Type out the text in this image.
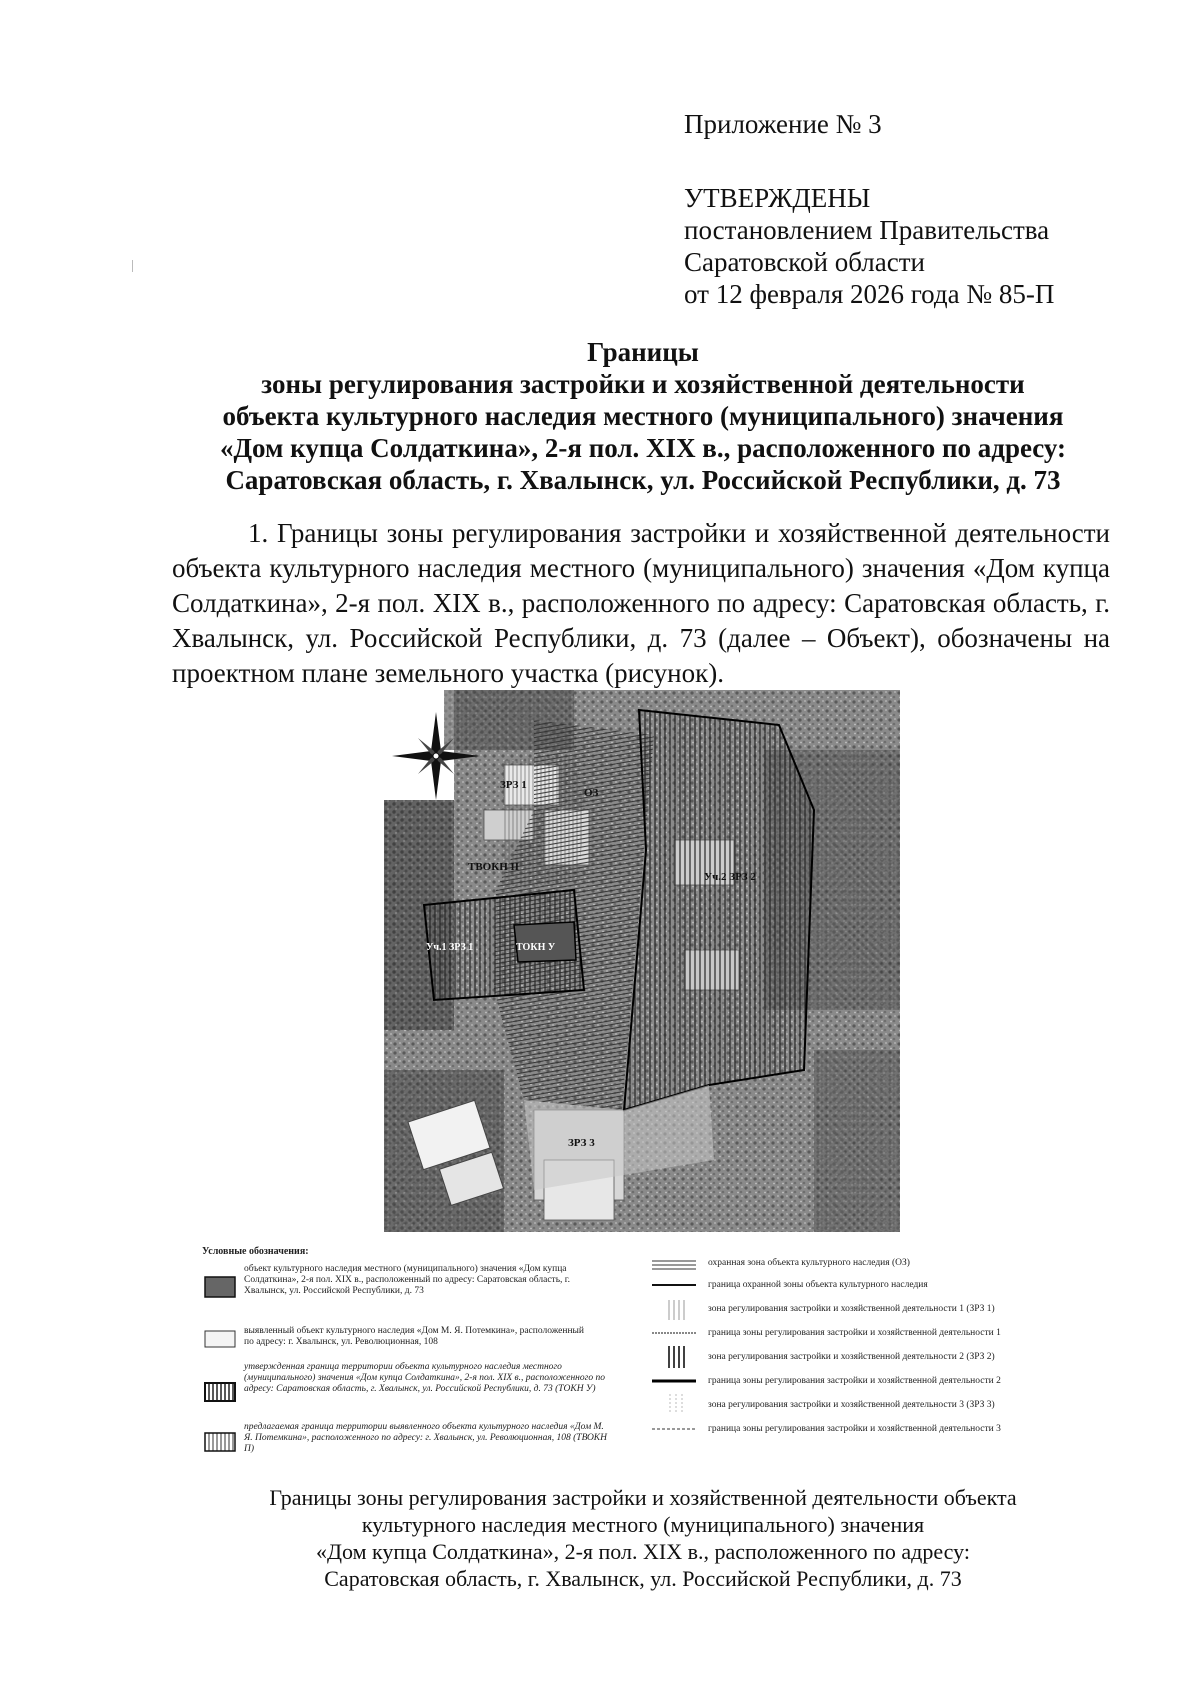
Приложение № 3
УТВЕРЖДЕНЫ
постановлением Правительства
Саратовской области
от 12 февраля 2026 года № 85-П
Границы
зоны регулирования застройки и хозяйственной деятельности
объекта культурного наследия местного (муниципального) значения
«Дом купца Солдаткина», 2-я пол. XIX в., расположенного по адресу:
Саратовская область, г. Хвалынск, ул. Российской Республики, д. 73
1. Границы зоны регулирования застройки и хозяйственной деятельности объекта культурного наследия местного (муниципального) значения «Дом купца Солдаткина», 2-я пол. XIX в., расположенного по адресу: Саратовская область, г. Хвалынск, ул. Российской Республики, д. 73 (далее – Объект), обозначены на проектном плане земельного участка (рисунок).
ЗРЗ 1
ОЗ
ТВОКН II
Уч.1 ЗРЗ 1	ТОКН У
Уч.2 ЗРЗ 2
ЗРЗ 3
Условные обозначения:
объект культурного наследия местного (муниципального) значения «Дом купца Солдаткина», 2-я пол. XIX в., расположенный по адресу: Саратовская область, г. Хвалынск, ул. Российской Республики, д. 73
выявленный объект культурного наследия «Дом М. Я. Потемкина», расположенный по адресу: г. Хвалынск, ул. Революционная, 108
утвержденная граница территории объекта культурного наследия местного (муниципального) значения «Дом купца Солдаткина», 2-я пол. XIX в., расположенного по адресу: Саратовская область, г. Хвалынск, ул. Российской Республики, д. 73 (ТОКН У)
предлагаемая граница территории выявленного объекта культурного наследия «Дом М. Я. Потемкина», расположенного по адресу: г. Хвалынск, ул. Революционная, 108 (ТВОКН П)
охранная зона объекта культурного наследия (ОЗ)
граница охранной зоны объекта культурного наследия
зона регулирования застройки и хозяйственной деятельности 1 (ЗРЗ 1)
граница зоны регулирования застройки и хозяйственной деятельности 1
зона регулирования застройки и хозяйственной деятельности 2 (ЗРЗ 2)
граница зоны регулирования застройки и хозяйственной деятельности 2
зона регулирования застройки и хозяйственной деятельности 3 (ЗРЗ 3)
граница зоны регулирования застройки и хозяйственной деятельности 3
Границы зоны регулирования застройки и хозяйственной деятельности объекта
культурного наследия местного (муниципального) значения
«Дом купца Солдаткина», 2-я пол. XIX в., расположенного по адресу:
Саратовская область, г. Хвалынск, ул. Российской Республики, д. 73
